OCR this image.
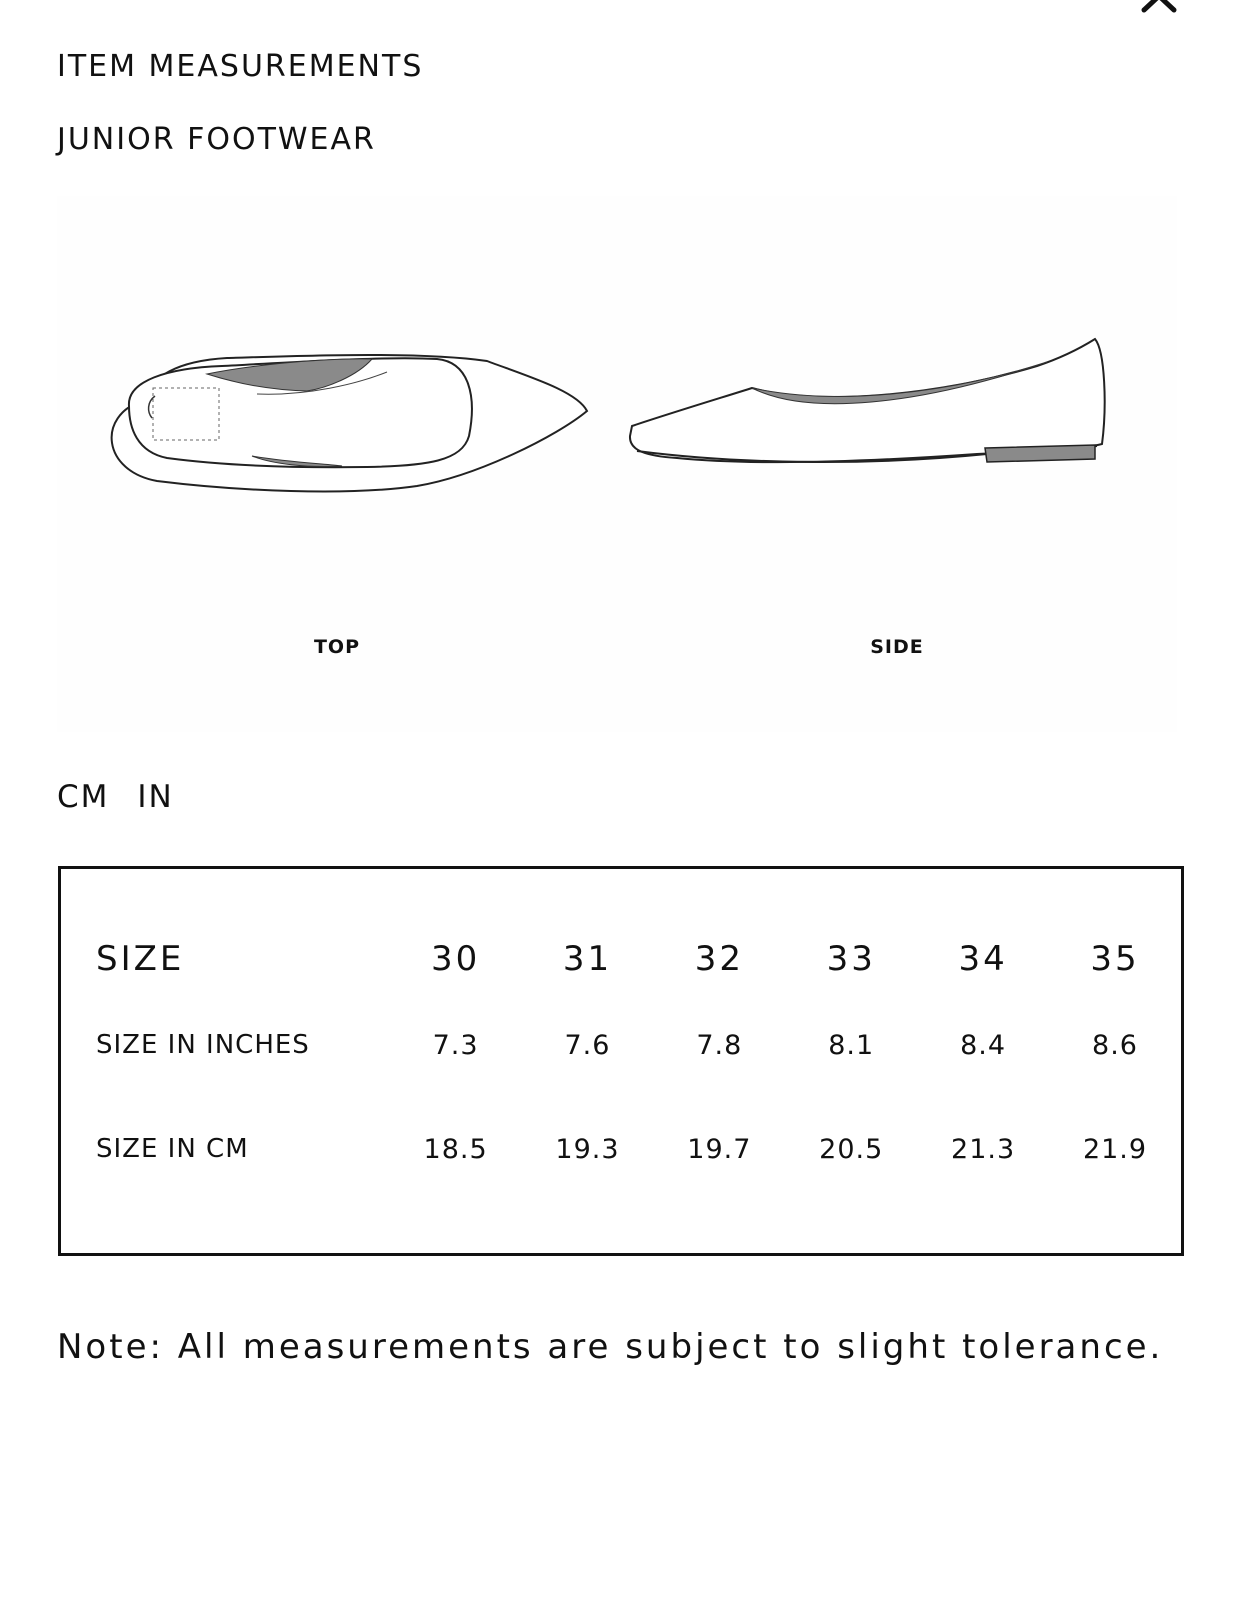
ITEM MEASUREMENTS
JUNIOR FOOTWEAR
TOP	SIDE
CM IN
SIZE	30	31	32	33	34	35
SIZE IN INCHES	7.3	7.6	7.8	8.1	8.4	8.6
SIZE IN CM	18.5	19.3	19.7	20.5	21.3	21.9

Note: All measurements are subject to slight tolerance.
